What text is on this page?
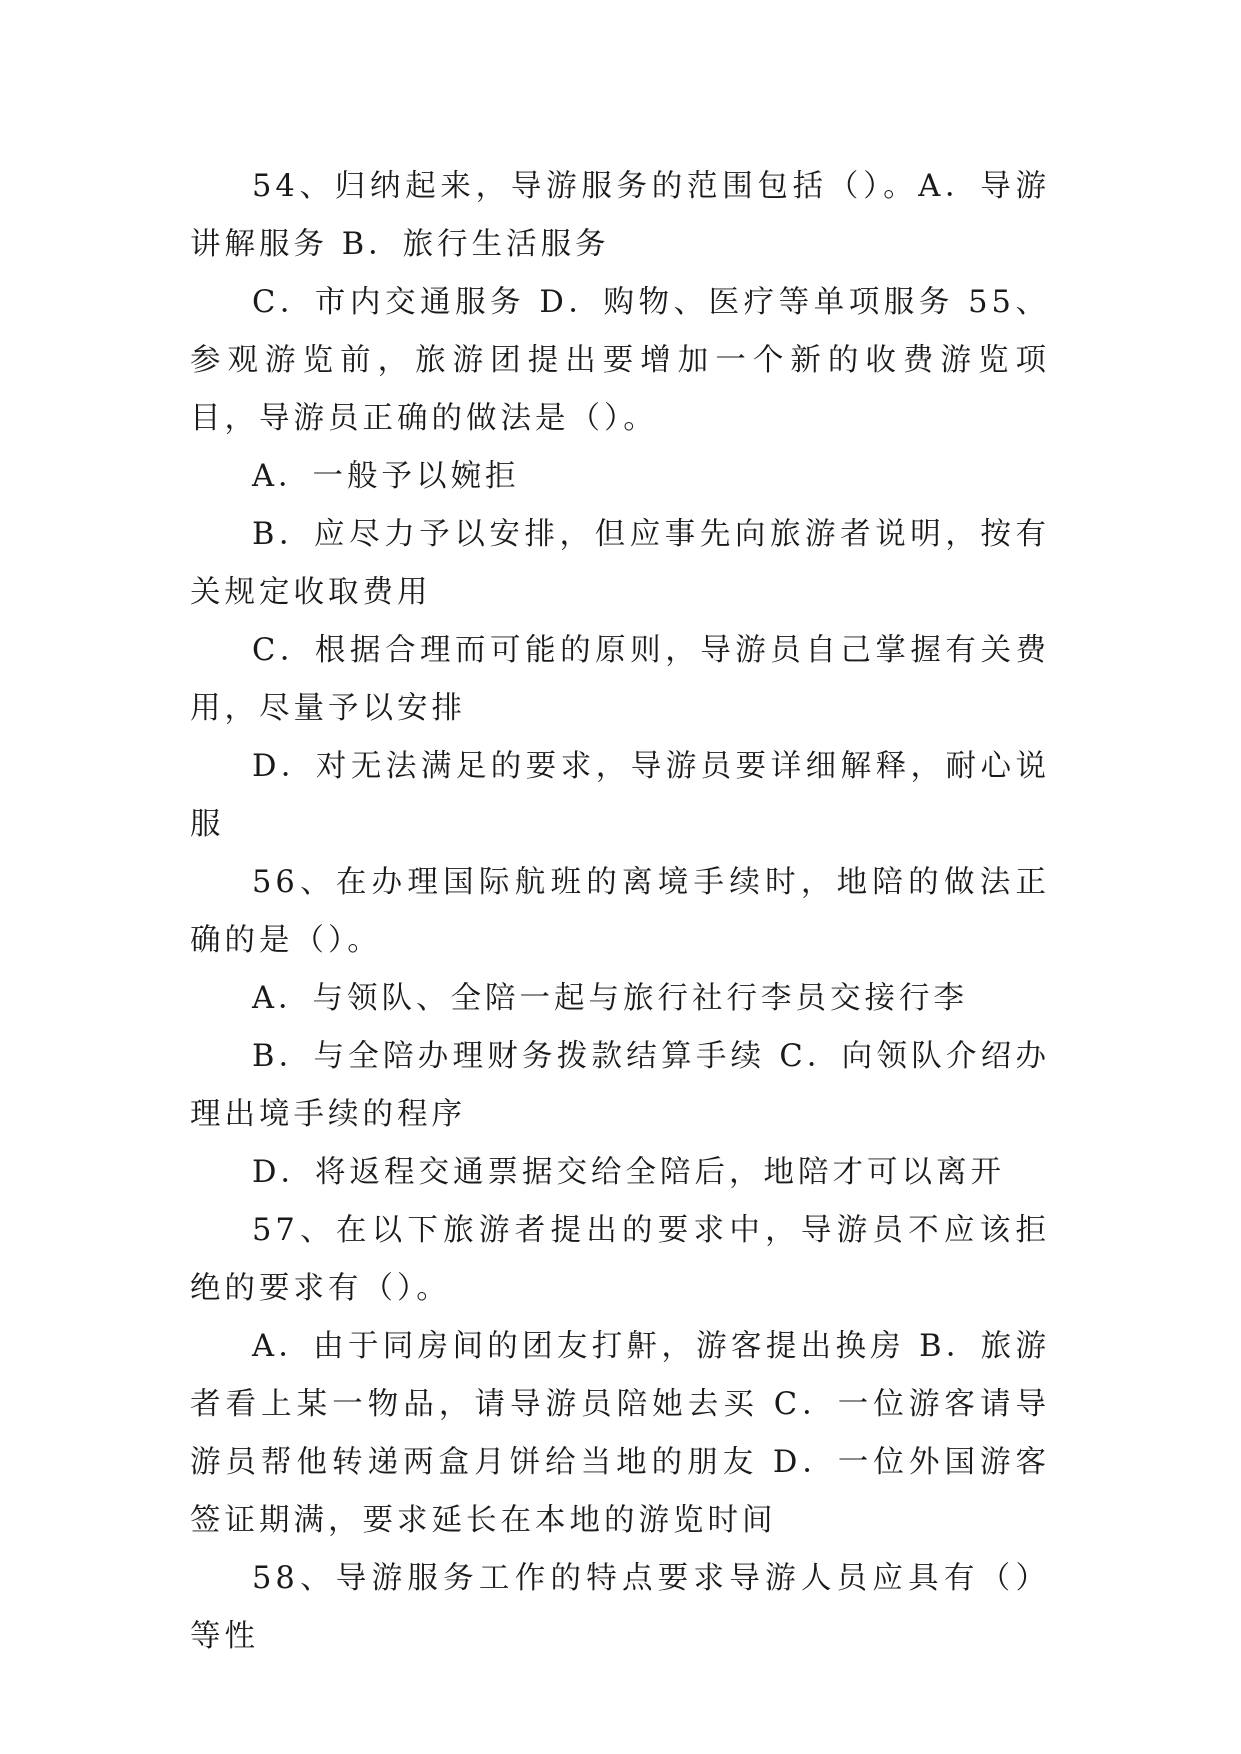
54、归纳起来，导游服务的范围包括（）。A．导游讲解服务 B．旅行生活服务

C．市内交通服务 D．购物、医疗等单项服务 55、参观游览前，旅游团提出要增加一个新的收费游览项目，导游员正确的做法是（）。

A．一般予以婉拒

B．应尽力予以安排，但应事先向旅游者说明，按有关规定收取费用

C．根据合理而可能的原则，导游员自己掌握有关费用，尽量予以安排

D．对无法满足的要求，导游员要详细解释，耐心说服

56、在办理国际航班的离境手续时，地陪的做法正确的是（）。

A．与领队、全陪一起与旅行社行李员交接行李

B．与全陪办理财务拨款结算手续 C．向领队介绍办理出境手续的程序

D．将返程交通票据交给全陪后，地陪才可以离开

57、在以下旅游者提出的要求中，导游员不应该拒绝的要求有（）。

A．由于同房间的团友打鼾，游客提出换房 B．旅游者看上某一物品，请导游员陪她去买 C．一位游客请导游员帮他转递两盒月饼给当地的朋友 D．一位外国游客签证期满，要求延长在本地的游览时间

58、导游服务工作的特点要求导游人员应具有（）等性
